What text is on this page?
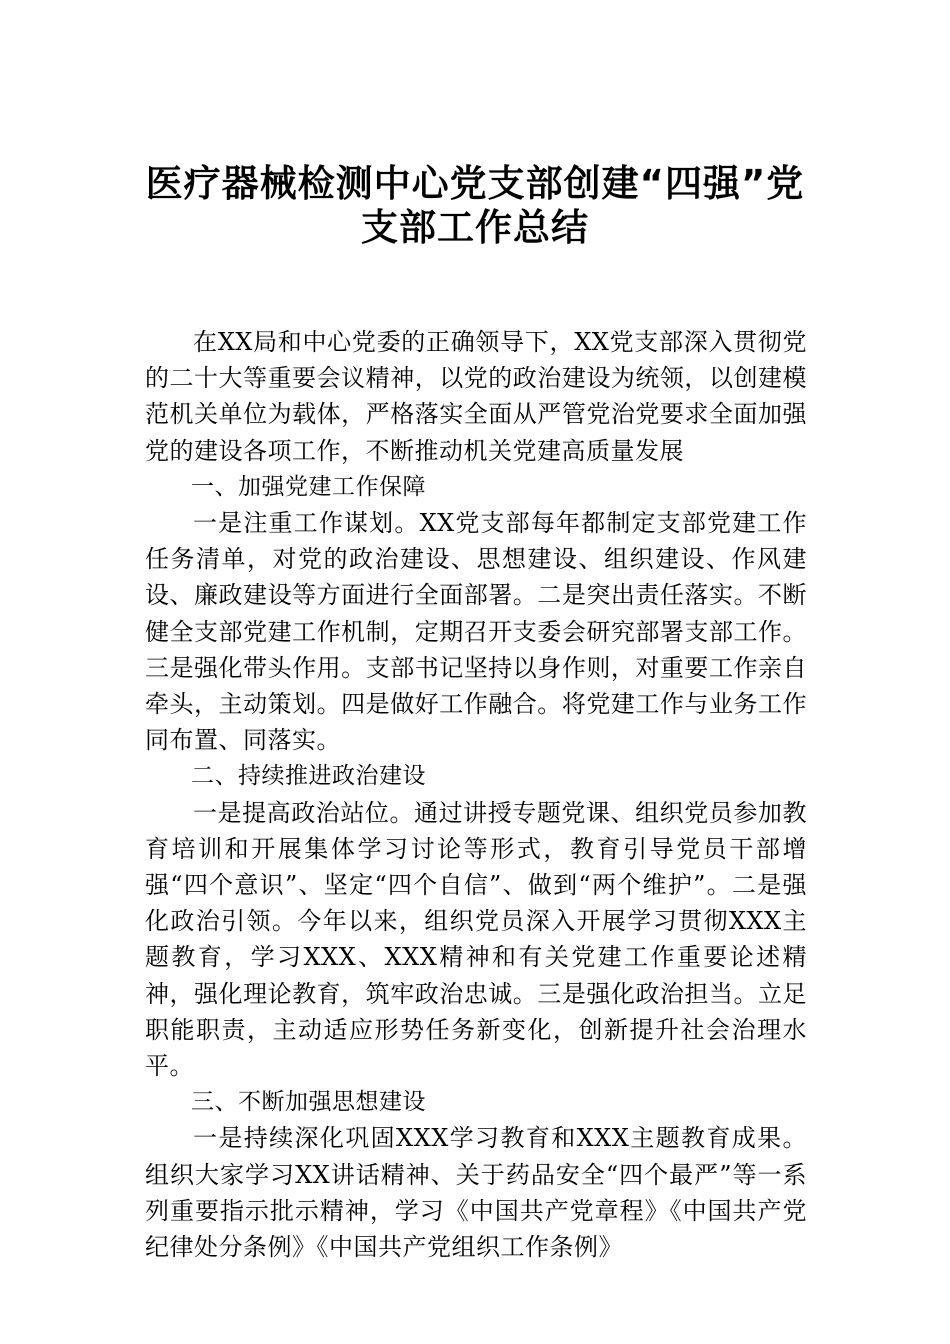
医疗器械检测中心党支部创建“四强”党
支部工作总结

在XX局和中心党委的正确领导下，XX党支部深入贯彻党的二十大等重要会议精神，以党的政治建设为统领，以创建模范机关单位为载体，严格落实全面从严管党治党要求全面加强党的建设各项工作，不断推动机关党建高质量发展

一、加强党建工作保障

一是注重工作谋划。XX党支部每年都制定支部党建工作任务清单，对党的政治建设、思想建设、组织建设、作风建设、廉政建设等方面进行全面部署。二是突出责任落实。不断健全支部党建工作机制，定期召开支委会研究部署支部工作。三是强化带头作用。支部书记坚持以身作则，对重要工作亲自牵头，主动策划。四是做好工作融合。将党建工作与业务工作同布置、同落实。

二、持续推进政治建设

一是提高政治站位。通过讲授专题党课、组织党员参加教育培训和开展集体学习讨论等形式，教育引导党员干部增强“四个意识”、坚定“四个自信”、做到“两个维护”。二是强化政治引领。今年以来，组织党员深入开展学习贯彻XXX主题教育，学习XXX、XXX精神和有关党建工作重要论述精神，强化理论教育，筑牢政治忠诚。三是强化政治担当。立足职能职责，主动适应形势任务新变化，创新提升社会治理水平。

三、不断加强思想建设

一是持续深化巩固XXX学习教育和XXX主题教育成果。组织大家学习XX讲话精神、关于药品安全“四个最严”等一系列重要指示批示精神，学习《中国共产党章程》《中国共产党纪律处分条例》《中国共产党组织工作条例》
